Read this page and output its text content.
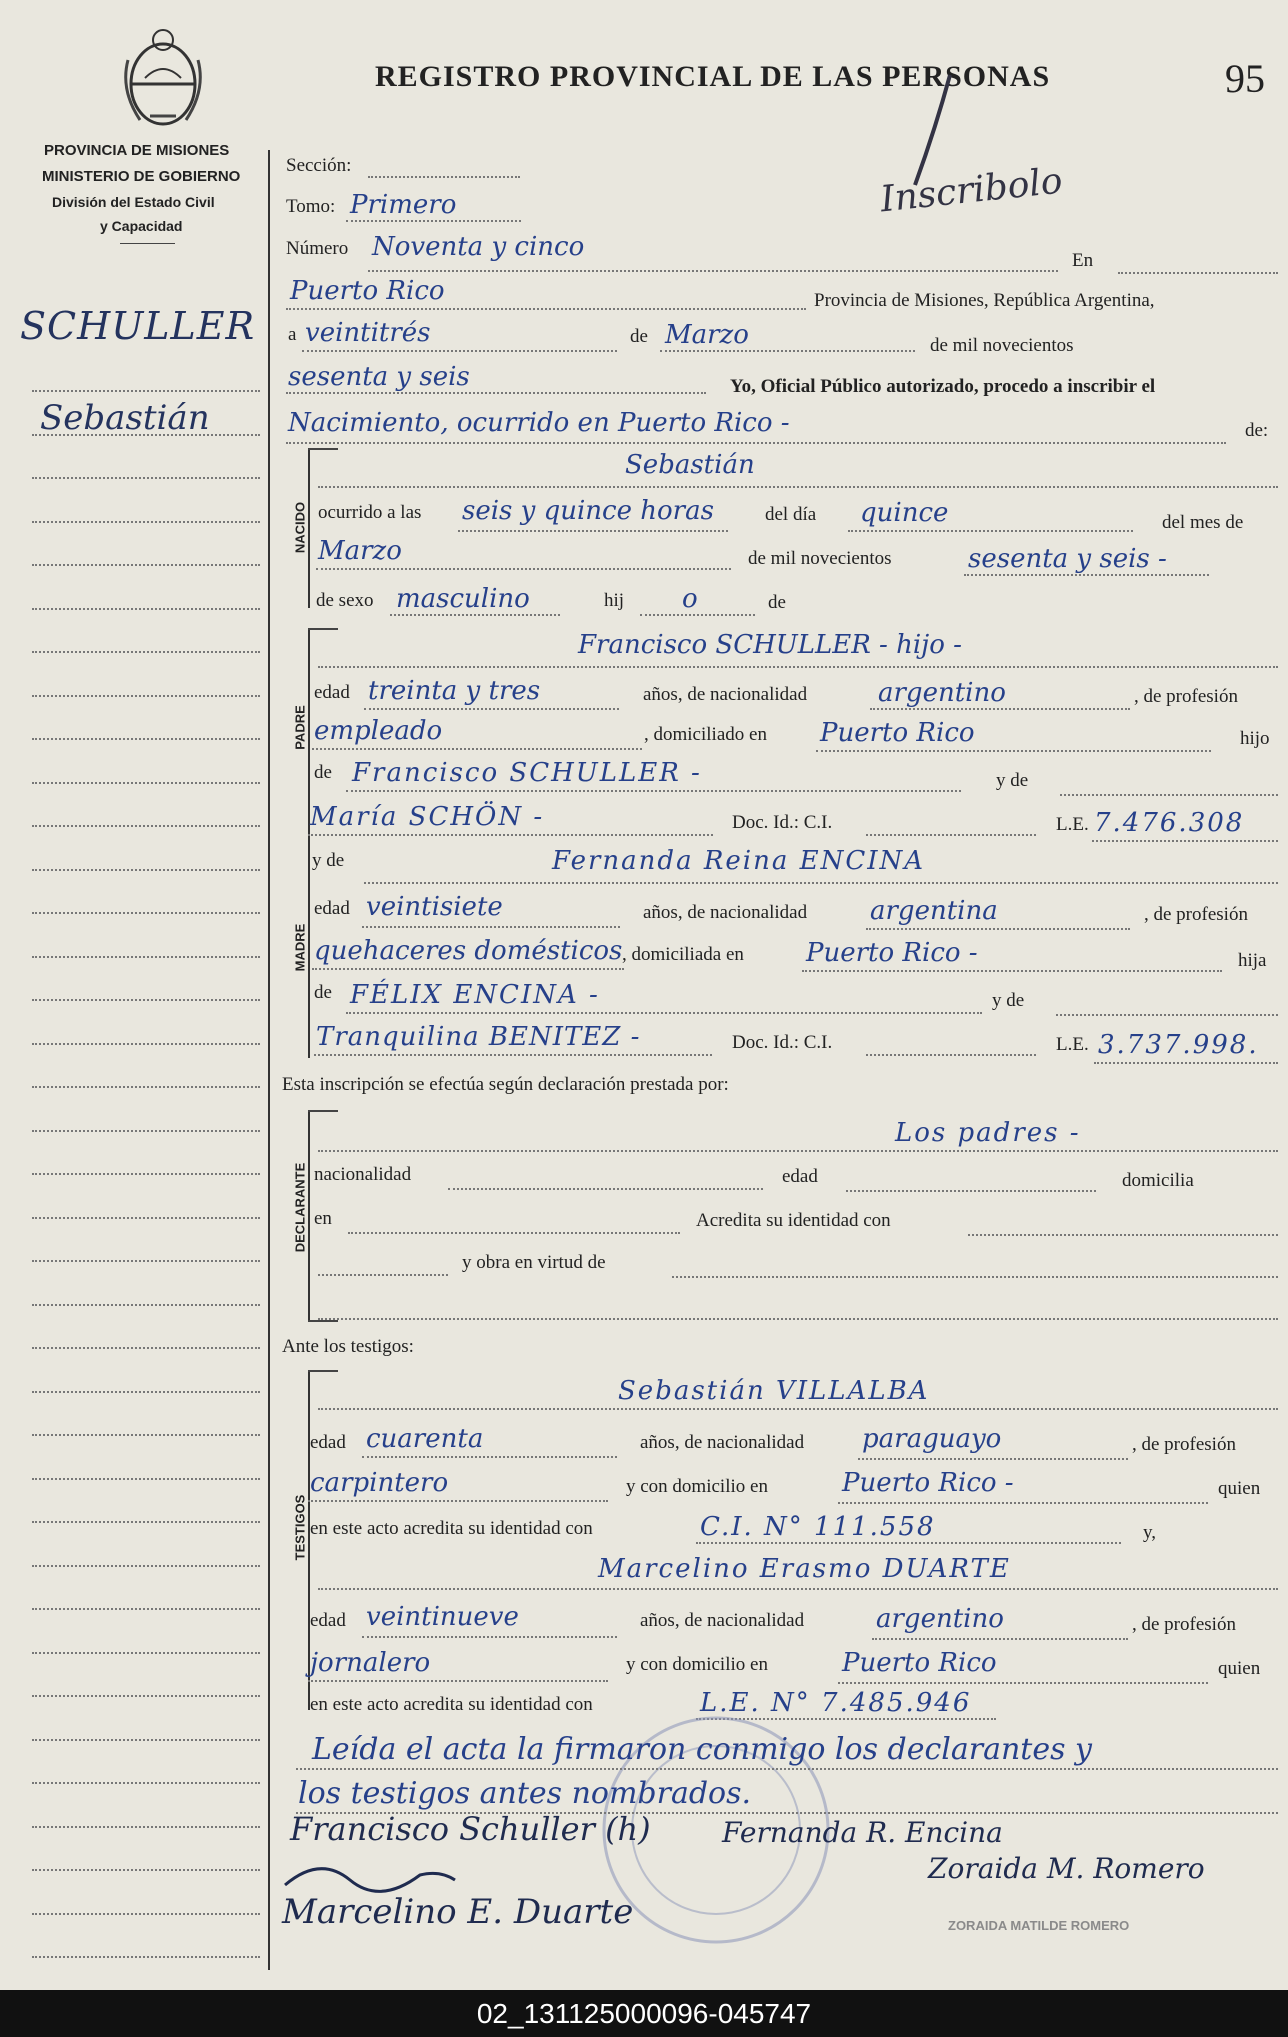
PROVINCIA DE MISIONES
MINISTERIO DE GOBIERNO
División del Estado Civil
y Capacidad
REGISTRO PROVINCIAL DE LAS PERSONAS	95
Inscribolo
SCHULLER
Sebastián
Sección:
Tomo: Primero
Número Noventa y cinco	En
Puerto Rico	Provincia de Misiones, República Argentina,
a veintitrés	de Marzo	de mil novecientos
sesenta y seis	Yo, Oficial Público autorizado, procedo a inscribir el
Nacimiento, ocurrido en Puerto Rico -	de:
NACIDO
Sebastián
ocurrido a las seis y quince horas	del día quince	del mes de
Marzo	de mil novecientos	sesenta y seis -
de sexo masculino	hij o	de
PADRE
Francisco SCHULLER - hijo -
edad treinta y tres	años, de nacionalidad	argentino	, de profesión
empleado	, domiciliado en Puerto Rico	hijo
de Francisco SCHULLER -	y de
María SCHÖN -	Doc. Id.: C.I.	L.E. 7.476.308
MADRE
y de	Fernanda Reina ENCINA
edad veintisiete	años, de nacionalidad argentina	, de profesión
quehaceres domésticos , domiciliada en Puerto Rico -	hija
de FÉLIX ENCINA -	y de
Tranquilina BENITEZ -	Doc. Id.: C.I.	L.E. 3.737.998.
Esta inscripción se efectúa según declaración prestada por:
DECLARANTE
Los padres -
nacionalidad	edad	domicilia
en	Acredita su identidad con
y obra en virtud de
Ante los testigos:
TESTIGOS
Sebastián VILLALBA
edad cuarenta	años, de nacionalidad paraguayo	, de profesión
carpintero	y con domicilio en	Puerto Rico -	quien
en este acto acredita su identidad con	C.I. N° 111.558	y,
Marcelino Erasmo DUARTE
edad veintinueve	años, de nacionalidad	argentino	, de profesión
jornalero	y con domicilio en	Puerto Rico	quien
en este acto acredita su identidad con	L.E. N° 7.485.946
Leída el acta la firmaron conmigo los declarantes y
los testigos antes nombrados.
Francisco Schuller (h)	Fernanda R. Encina
Zoraida M. Romero
Marcelino E. Duarte	ZORAIDA MATILDE ROMERO
02_131125000096-045747
